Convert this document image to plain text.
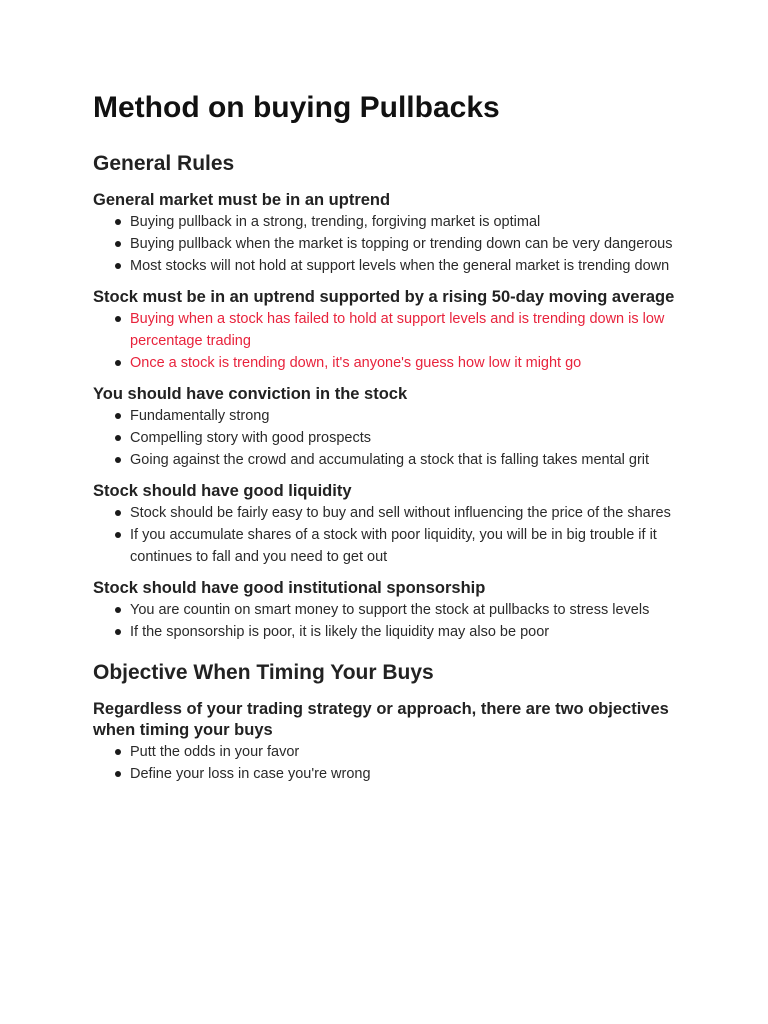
Method on buying Pullbacks
General Rules
General market must be in an uptrend
Buying pullback in a strong, trending, forgiving market is optimal
Buying pullback when the market is topping or trending down can be very dangerous
Most stocks will not hold at support levels when the general market is trending down
Stock must be in an uptrend supported by a rising 50-day moving average
Buying when a stock has failed to hold at support levels and is trending down is low percentage trading
Once a stock is trending down, it's anyone's guess how low it might go
You should have conviction in the stock
Fundamentally strong
Compelling story with good prospects
Going against the crowd and accumulating a stock that is falling takes mental grit
Stock should have good liquidity
Stock should be fairly easy to buy and sell without influencing the price of the shares
If you accumulate shares of a stock with poor liquidity, you will be in big trouble if it continues to fall and you need to get out
Stock should have good institutional sponsorship
You are countin on smart money to support the stock at pullbacks to stress levels
If the sponsorship is poor, it is likely the liquidity may also be poor
Objective When Timing Your Buys
Regardless of your trading strategy or approach, there are two objectives when timing your buys
Putt the odds in your favor
Define your loss in case you're wrong
